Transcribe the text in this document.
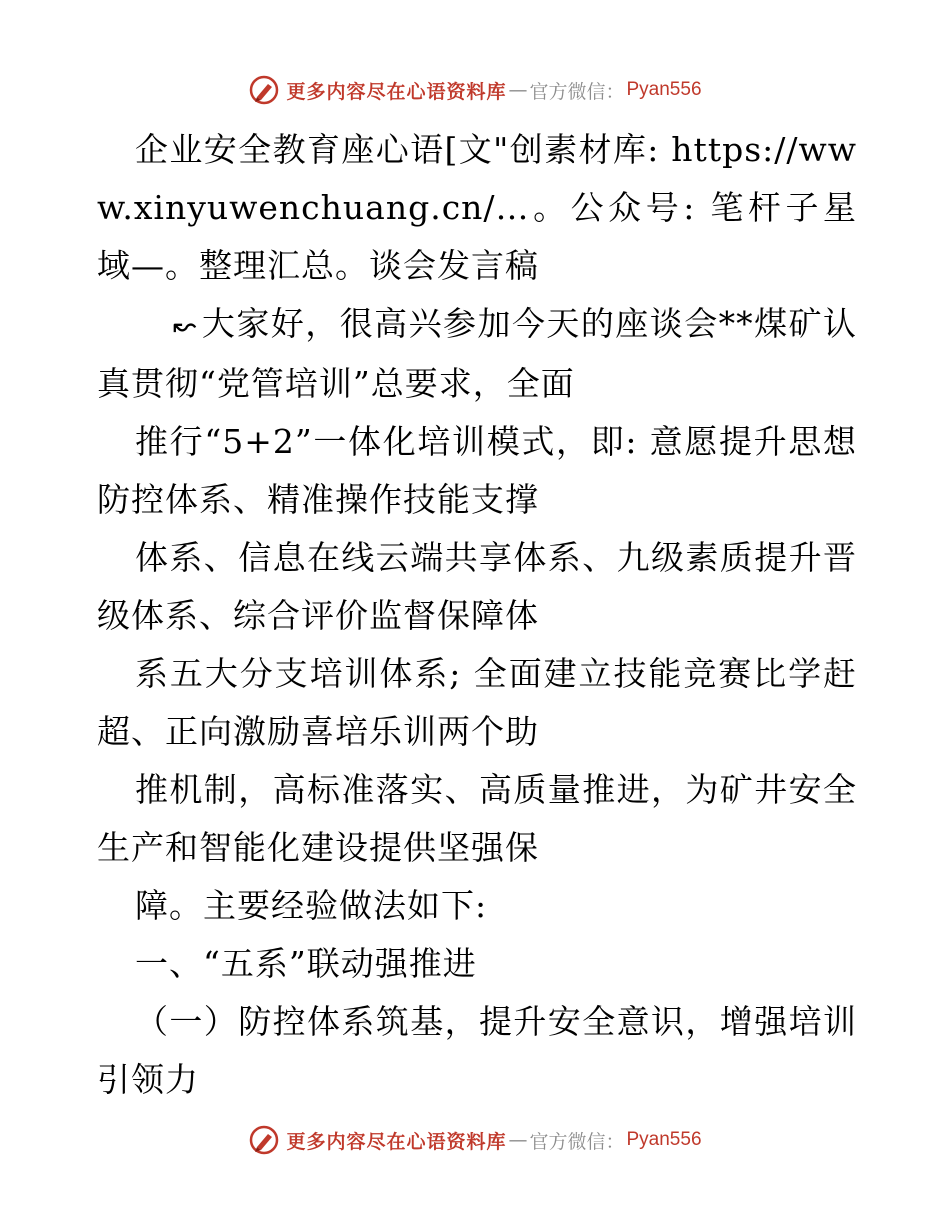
更多内容尽在心语资料库 — 官方微信： Pyan556

企业安全教育座心语[文"创素材库: https://www.xinyuwenchuang.cn/…。公众号: 笔杆子星域—。整理汇总。谈会发言稿

↜ 大家好，很高兴参加今天的座谈会**煤矿认真贯彻“党管培训”总要求，全面

推行“5+2”一体化培训模式，即: 意愿提升思想防控体系、精准操作技能支撑

体系、信息在线云端共享体系、九级素质提升晋级体系、综合评价监督保障体

系五大分支培训体系; 全面建立技能竞赛比学赶超、正向激励喜培乐训两个助

推机制，高标准落实、高质量推进，为矿井安全生产和智能化建设提供坚强保

障。主要经验做法如下:

一、“五系”联动强推进

（一）防控体系筑基，提升安全意识，增强培训引领力

更多内容尽在心语资料库 — 官方微信： Pyan556
